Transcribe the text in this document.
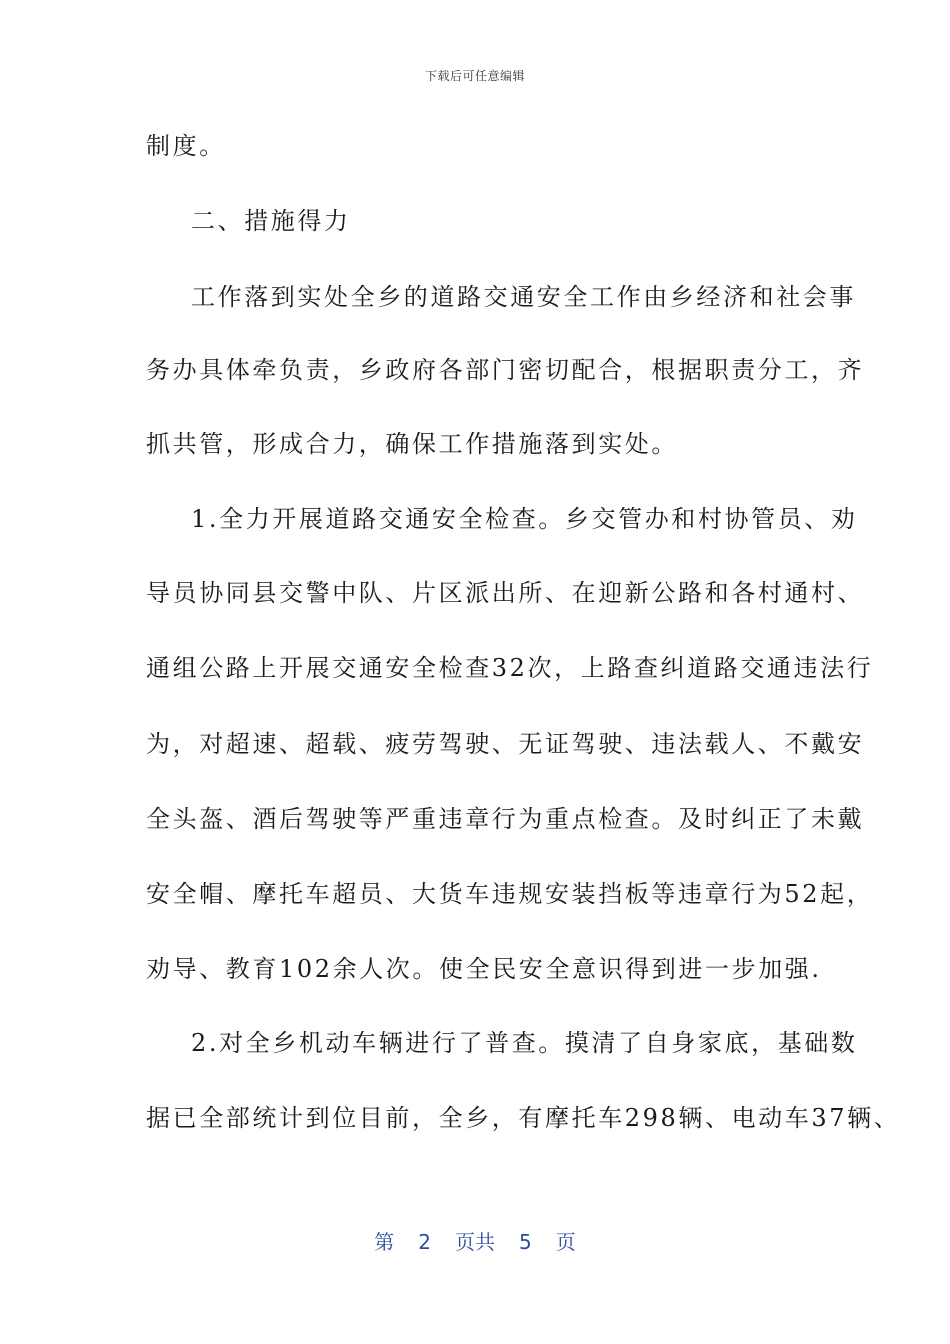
下载后可任意编辑
制度。
二、措施得力
工作落到实处全乡的道路交通安全工作由乡经济和社会事
务办具体牵负责，乡政府各部门密切配合，根据职责分工，齐
抓共管，形成合力，确保工作措施落到实处。
1.全力开展道路交通安全检查。乡交管办和村协管员、劝
导员协同县交警中队、片区派出所、在迎新公路和各村通村、
通组公路上开展交通安全检查32次，上路查纠道路交通违法行
为，对超速、超载、疲劳驾驶、无证驾驶、违法载人、不戴安
全头盔、酒后驾驶等严重违章行为重点检查。及时纠正了未戴
安全帽、摩托车超员、大货车违规安装挡板等违章行为52起，
劝导、教育102余人次。使全民安全意识得到进一步加强.
2.对全乡机动车辆进行了普查。摸清了自身家底，基础数
据已全部统计到位目前，全乡，有摩托车298辆、电动车37辆、
第 2 页共 5 页
